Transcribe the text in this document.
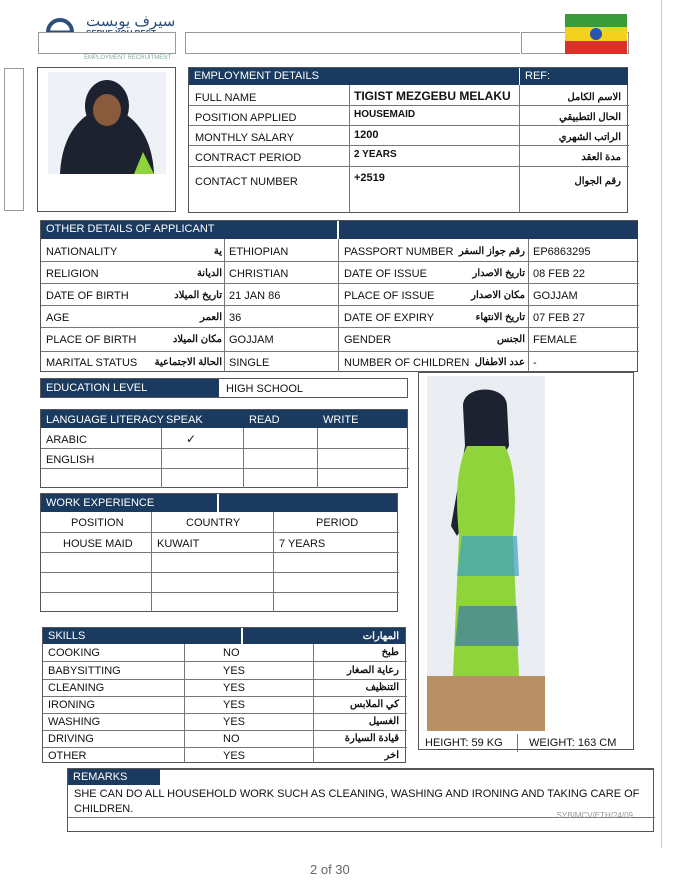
سيرف يوبست
EMPLOYMENT RECRUITMENT
EMPLOYMENT DETAILS	REF:
FULL NAME	TIGIST MEZGEBU MELAKU	الاسم الكامل
POSITION APPLIED	HOUSEMAID	الحال التطبيقي
MONTHLY SALARY	1200	الراتب الشهري
CONTRACT PERIOD	2 YEARS	مدة العقد
CONTACT NUMBER	+2519	رقم الجوال
OTHER DETAILS OF APPLICANT
NATIONALITY	ية ETHIOPIAN	PASSPORT NUMBER رقم جواز السفر EP6863295
RELIGION	الديانة CHRISTIAN	DATE OF ISSUE	تاريخ الاصدار 08 FEB 22
DATE OF BIRTH	تاريخ الميلاد 21 JAN 86	PLACE OF ISSUE	مكان الاصدار GOJJAM
AGE	العمر 36	DATE OF EXPIRY	تاريخ الانتهاء 07 FEB 27
PLACE OF BIRTH	مكان الميلاد GOJJAM	GENDER	الجنس FEMALE
MARITAL STATUS	الحالة الاجتماعية SINGLE	NUMBER OF CHILDREN عدد الاطفال -
EDUCATION LEVEL	HIGH SCHOOL
LANGUAGE LITERACY SPEAK	READ	WRITE
ARABIC	✓
ENGLISH
WORK EXPERIENCE
POSITION	COUNTRY	PERIOD
HOUSE MAID KUWAIT	7 YEARS
SKILLS	المهارات
COOKING	NO	طبخ
BABYSITTING	YES	رعاية الصغار
CLEANING	YES	التنظيف
IRONING	YES	كي الملابس
WASHING	YES	الغسيل
DRIVING	NO	قيادة السيارة
OTHER	YES	اخر
HEIGHT: 59 KG WEIGHT: 163 CM
REMARKS
SHE CAN DO ALL HOUSEHOLD WORK SUCH AS CLEANING, WASHING AND IRONING AND TAKING CARE OF
CHILDREN.
SYB/MCV/ETH/24/09
2 of 30
